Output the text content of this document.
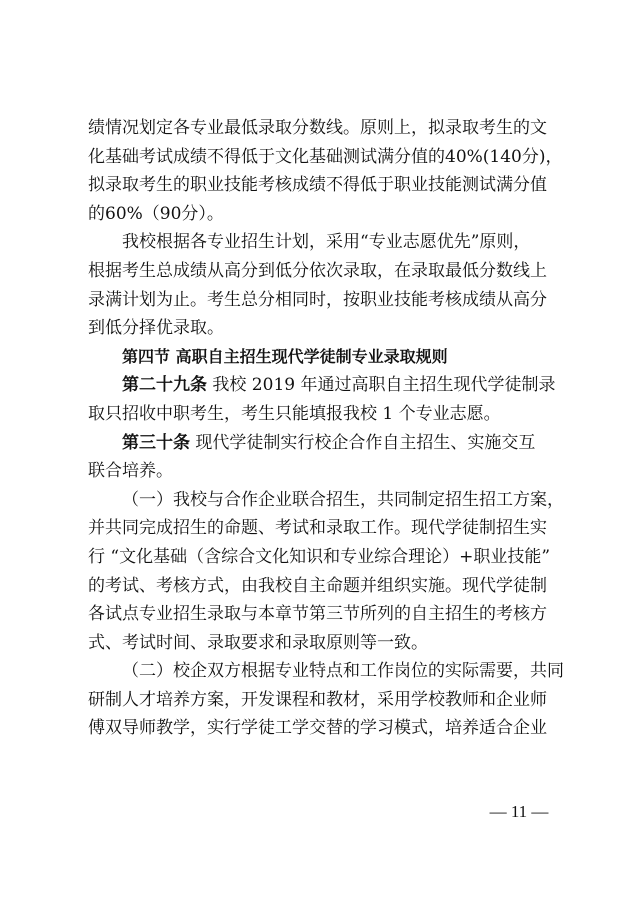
绩情况划定各专业最低录取分数线。原则上，拟录取考生的文
化基础考试成绩不得低于文化基础测试满分值的40%(140分)，
拟录取考生的职业技能考核成绩不得低于职业技能测试满分值
的60%（90分）。
我校根据各专业招生计划，采用“专业志愿优先”原则，
根据考生总成绩从高分到低分依次录取，在录取最低分数线上
录满计划为止。考生总分相同时，按职业技能考核成绩从高分
到低分择优录取。
第四节 高职自主招生现代学徒制专业录取规则
第二十九条 我校 2019 年通过高职自主招生现代学徒制录
取只招收中职考生，考生只能填报我校 1 个专业志愿。
第三十条 现代学徒制实行校企合作自主招生、实施交互
联合培养。
（一）我校与合作企业联合招生，共同制定招生招工方案，
并共同完成招生的命题、考试和录取工作。现代学徒制招生实
行 “文化基础（含综合文化知识和专业综合理论）+职业技能”
的考试、考核方式，由我校自主命题并组织实施。现代学徒制
各试点专业招生录取与本章节第三节所列的自主招生的考核方
式、考试时间、录取要求和录取原则等一致。
（二）校企双方根据专业特点和工作岗位的实际需要，共同
研制人才培养方案，开发课程和教材，采用学校教师和企业师
傅双导师教学，实行学徒工学交替的学习模式，培养适合企业
— 11 —
